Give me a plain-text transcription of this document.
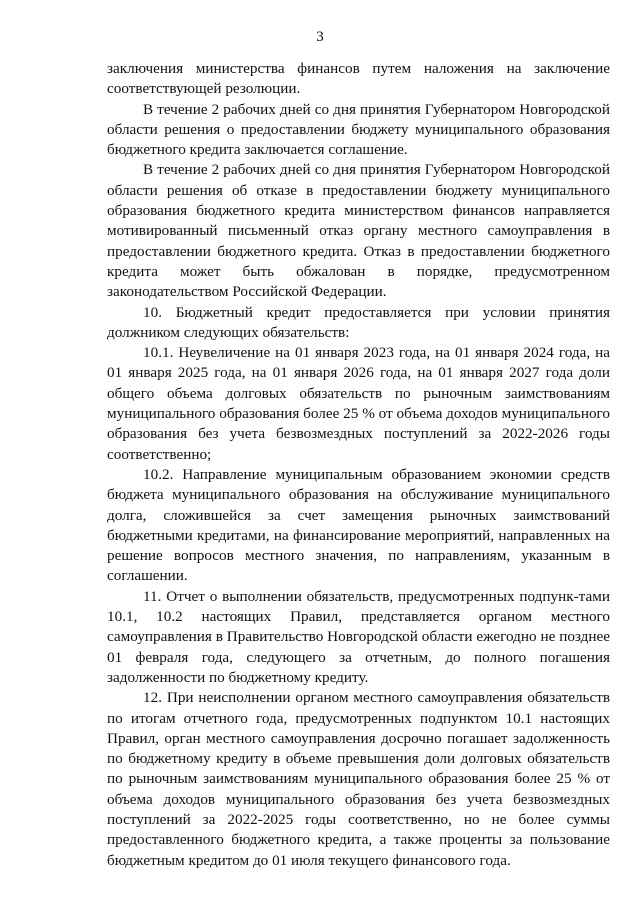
3

заключения министерства финансов путем наложения на заключение соответствующей резолюции.

В течение 2 рабочих дней со дня принятия Губернатором Новгородской области решения о предоставлении бюджету муниципального образования бюджетного кредита заключается соглашение.

В течение 2 рабочих дней со дня принятия Губернатором Новгородской области решения об отказе в предоставлении бюджету муниципального образования бюджетного кредита министерством финансов направляется мотивированный письменный отказ органу местного самоуправления в предоставлении бюджетного кредита. Отказ в предоставлении бюджетного кредита может быть обжалован в порядке, предусмотренном законодательством Российской Федерации.

10. Бюджетный кредит предоставляется при условии принятия должником следующих обязательств:

10.1. Неувеличение на 01 января 2023 года, на 01 января 2024 года, на 01 января 2025 года, на 01 января 2026 года, на 01 января 2027 года доли общего объема долговых обязательств по рыночным заимствованиям муниципального образования более 25 % от объема доходов муниципального образования без учета безвозмездных поступлений за 2022-2026 годы соответственно;

10.2. Направление муниципальным образованием экономии средств бюджета муниципального образования на обслуживание муниципального долга, сложившейся за счет замещения рыночных заимствований бюджетными кредитами, на финансирование мероприятий, направленных на решение вопросов местного значения, по направлениям, указанным в соглашении.

11. Отчет о выполнении обязательств, предусмотренных подпунк-тами 10.1, 10.2 настоящих Правил, представляется органом местного самоуправления в Правительство Новгородской области ежегодно не позднее 01 февраля года, следующего за отчетным, до полного погашения задолженности по бюджетному кредиту.

12. При неисполнении органом местного самоуправления обязательств по итогам отчетного года, предусмотренных подпунктом 10.1 настоящих Правил, орган местного самоуправления досрочно погашает задолженность по бюджетному кредиту в объеме превышения доли долговых обязательств по рыночным заимствованиям муниципального образования более 25 % от объема доходов муниципального образования без учета безвозмездных поступлений за 2022-2025 годы соответственно, но не более суммы предоставленного бюджетного кредита, а также проценты за пользование бюджетным кредитом до 01 июля текущего финансового года.
